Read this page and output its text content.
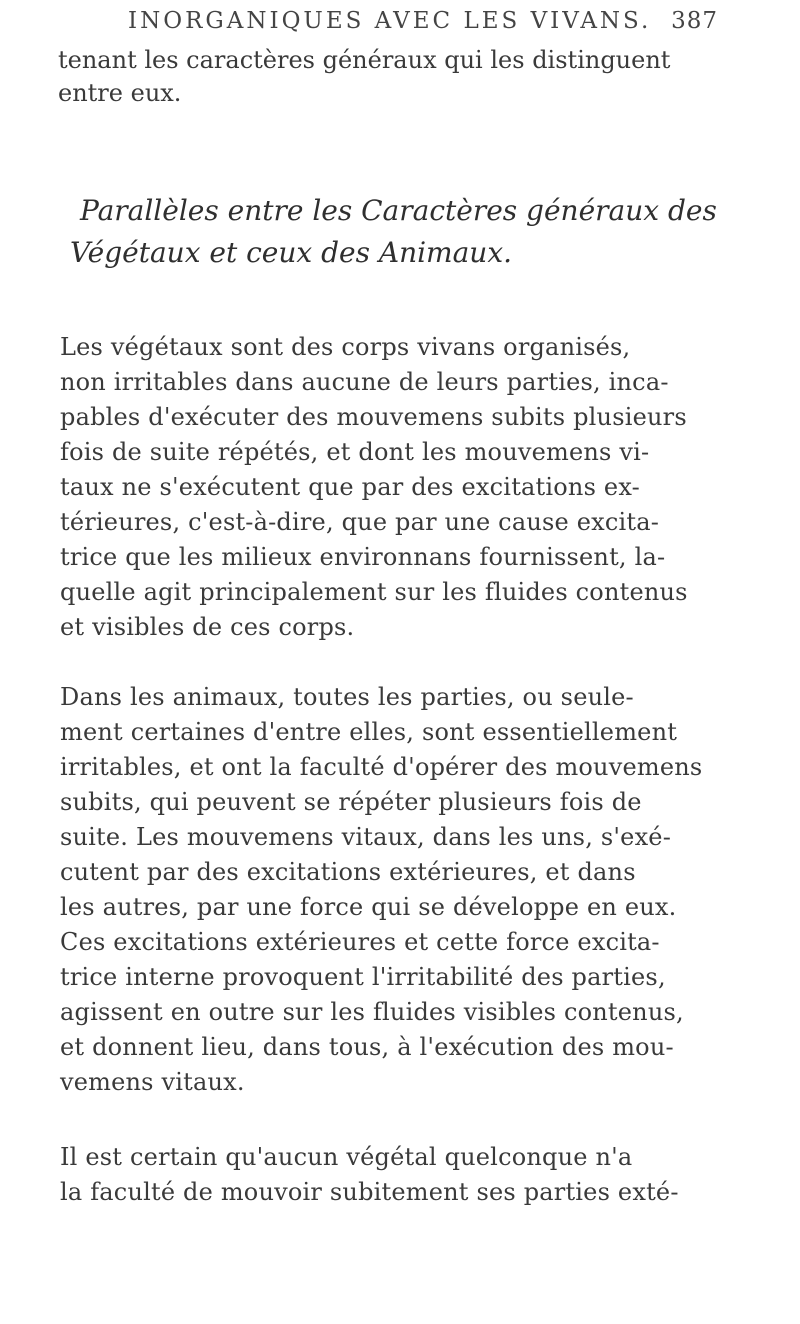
INORGANIQUES AVEC LES VIVANS. 387
tenant les caractères généraux qui les distinguent
entre eux.
Parallèles entre les Caractères généraux des
Végétaux et ceux des Animaux.
Les végétaux sont des corps vivans organisés,
non irritables dans aucune de leurs parties, inca-
pables d'exécuter des mouvemens subits plusieurs
fois de suite répétés, et dont les mouvemens vi-
taux ne s'exécutent que par des excitations ex-
térieures, c'est-à-dire, que par une cause excita-
trice que les milieux environnans fournissent, la-
quelle agit principalement sur les fluides contenus
et visibles de ces corps.
Dans les animaux, toutes les parties, ou seule-
ment certaines d'entre elles, sont essentiellement
irritables, et ont la faculté d'opérer des mouvemens
subits, qui peuvent se répéter plusieurs fois de
suite. Les mouvemens vitaux, dans les uns, s'exé-
cutent par des excitations extérieures, et dans
les autres, par une force qui se développe en eux.
Ces excitations extérieures et cette force excita-
trice interne provoquent l'irritabilité des parties,
agissent en outre sur les fluides visibles contenus,
et donnent lieu, dans tous, à l'exécution des mou-
vemens vitaux.
Il est certain qu'aucun végétal quelconque n'a
la faculté de mouvoir subitement ses parties exté-
